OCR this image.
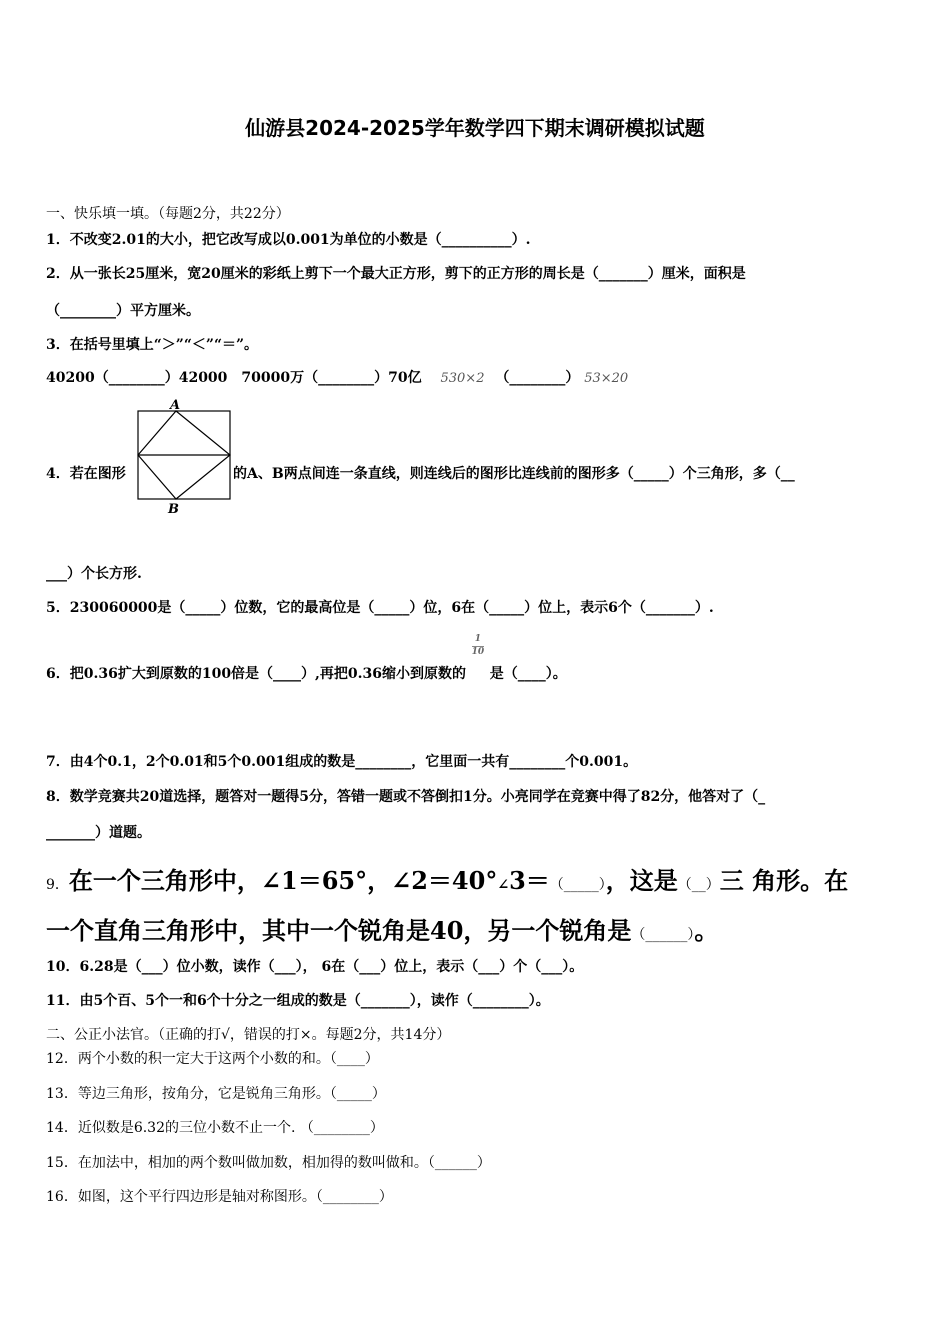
仙游县2024-2025学年数学四下期末调研模拟试题
一、快乐填一填。（每题2分，共22分）
1．不改变2.01的大小，把它改写成以0.001为单位的小数是（__________）.
2．从一张长25厘米，宽20厘米的彩纸上剪下一个最大正方形，剪下的正方形的周长是（_______）厘米，面积是
（________）平方厘米。
3．在括号里填上“＞”“＜”“＝”。
40200（________）42000　70000万（________）70亿 530×2 （________） 53×20
4．若在图形
A
B
的A、B两点间连一条直线，则连线后的图形比连线前的图形多（_____）个三角形，多（__
___）个长方形.
5．230060000是（_____）位数，它的最高位是（_____）位，6在（_____）位上，表示6个（_______）.
6．把0.36扩大到原数的100倍是（____）,再把0.36缩小到原数的 $\frac{1}{10}$ 是（____）。
7．由4个0.1，2个0.01和5个0.001组成的数是________，它里面一共有________个0.001。
8．数学竞赛共20道选择，题答对一题得5分，答错一题或不答倒扣1分。小亮同学在竞赛中得了82分，他答对了（_
_______）道题。
9．在一个三角形中，∠1＝65°，∠2＝40°∠3＝（_____），这是（__）三 角形。在
一个直角三角形中，其中一个锐角是40，另一个锐角是（______）。
10．6.28是（___）位小数，读作（___）， 6在（___）位上，表示（___）个（___）。
11．由5个百、5个一和6个十分之一组成的数是（_______），读作（________）。
二、公正小法官。（正确的打√，错误的打×。每题2分，共14分）
12．两个小数的积一定大于这两个小数的和。（____）
13．等边三角形，按角分，它是锐角三角形。（_____）
14．近似数是6.32的三位小数不止一个. （________）
15．在加法中，相加的两个数叫做加数，相加得的数叫做和。（______）
16．如图，这个平行四边形是轴对称图形。（________）
